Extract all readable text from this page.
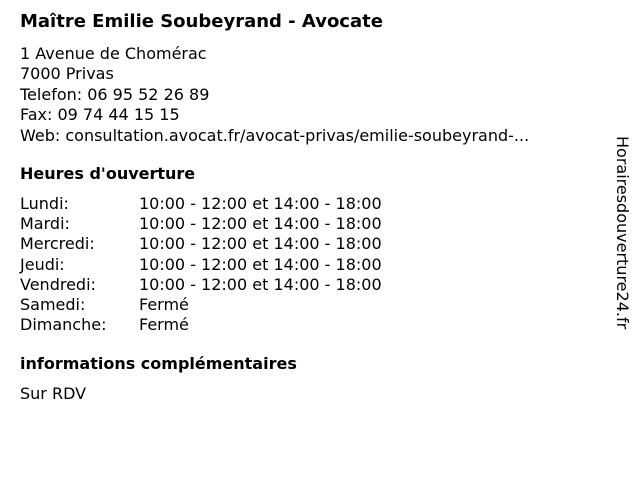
Maître Emilie Soubeyrand - Avocate
1 Avenue de Chomérac
7000 Privas
Telefon: 06 95 52 26 89
Fax: 09 74 44 15 15
Web: consultation.avocat.fr/avocat-privas/emilie-soubeyrand-...
Heures d'ouverture
Lundi:	10:00 - 12:00 et 14:00 - 18:00
Mardi:	10:00 - 12:00 et 14:00 - 18:00
Mercredi:	10:00 - 12:00 et 14:00 - 18:00
Jeudi:	10:00 - 12:00 et 14:00 - 18:00
Vendredi:	10:00 - 12:00 et 14:00 - 18:00
Samedi:	Fermé
Dimanche:	Fermé
informations complémentaires
Sur RDV
Horairesdouverture24.fr
